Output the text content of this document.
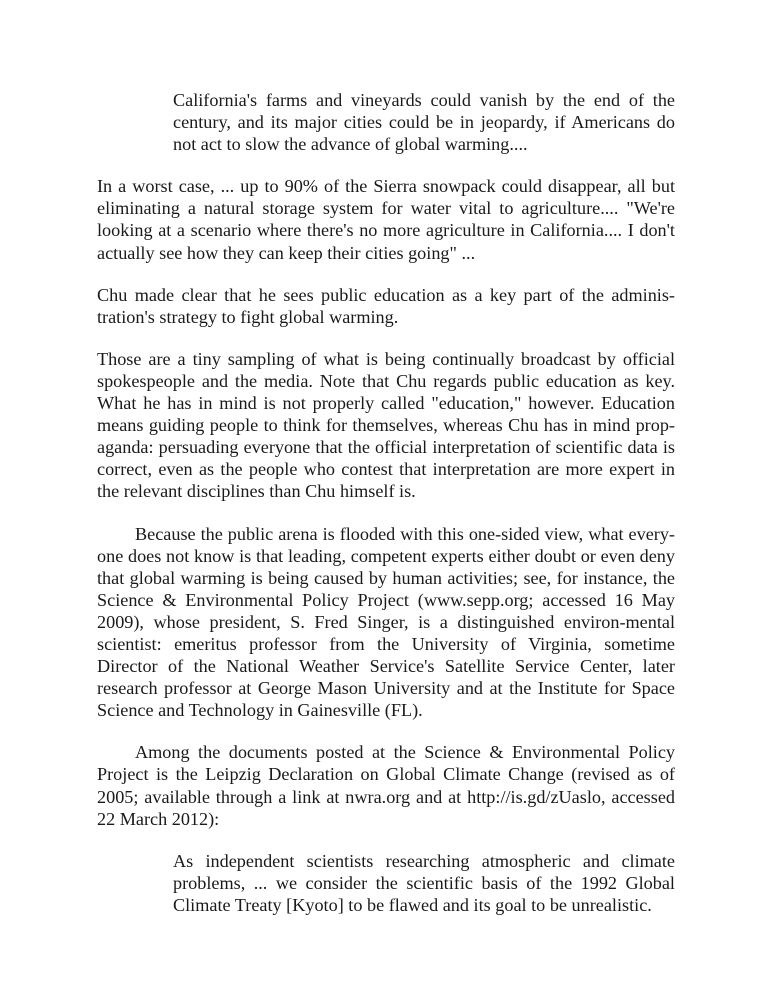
California's farms and vineyards could vanish by the end of the century, and its major cities could be in jeopardy, if Americans do not act to slow the advance of global warming....

In a worst case, ... up to 90% of the Sierra snowpack could disappear, all but eliminating a natural storage system for water vital to agriculture.... "We're looking at a scenario where there's no more agriculture in California.... I don't actually see how they can keep their cities going" ...

Chu made clear that he sees public education as a key part of the adminis-tration's strategy to fight global warming.

Those are a tiny sampling of what is being continually broadcast by official spokespeople and the media. Note that Chu regards public education as key. What he has in mind is not properly called "education," however. Education means guiding people to think for themselves, whereas Chu has in mind prop-aganda: persuading everyone that the official interpretation of scientific data is correct, even as the people who contest that interpretation are more expert in the relevant disciplines than Chu himself is.

Because the public arena is flooded with this one-sided view, what every-one does not know is that leading, competent experts either doubt or even deny that global warming is being caused by human activities; see, for instance, the Science & Environmental Policy Project (www.sepp.org; accessed 16 May 2009), whose president, S. Fred Singer, is a distinguished environ-mental scientist: emeritus professor from the University of Virginia, sometime Director of the National Weather Service's Satellite Service Center, later research professor at George Mason University and at the Institute for Space Science and Technology in Gainesville (FL).

Among the documents posted at the Science & Environmental Policy Project is the Leipzig Declaration on Global Climate Change (revised as of 2005; available through a link at nwra.org and at http://is.gd/zUaslo, accessed 22 March 2012):

As independent scientists researching atmospheric and climate problems, ... we consider the scientific basis of the 1992 Global Climate Treaty [Kyoto] to be flawed and its goal to be unrealistic.
